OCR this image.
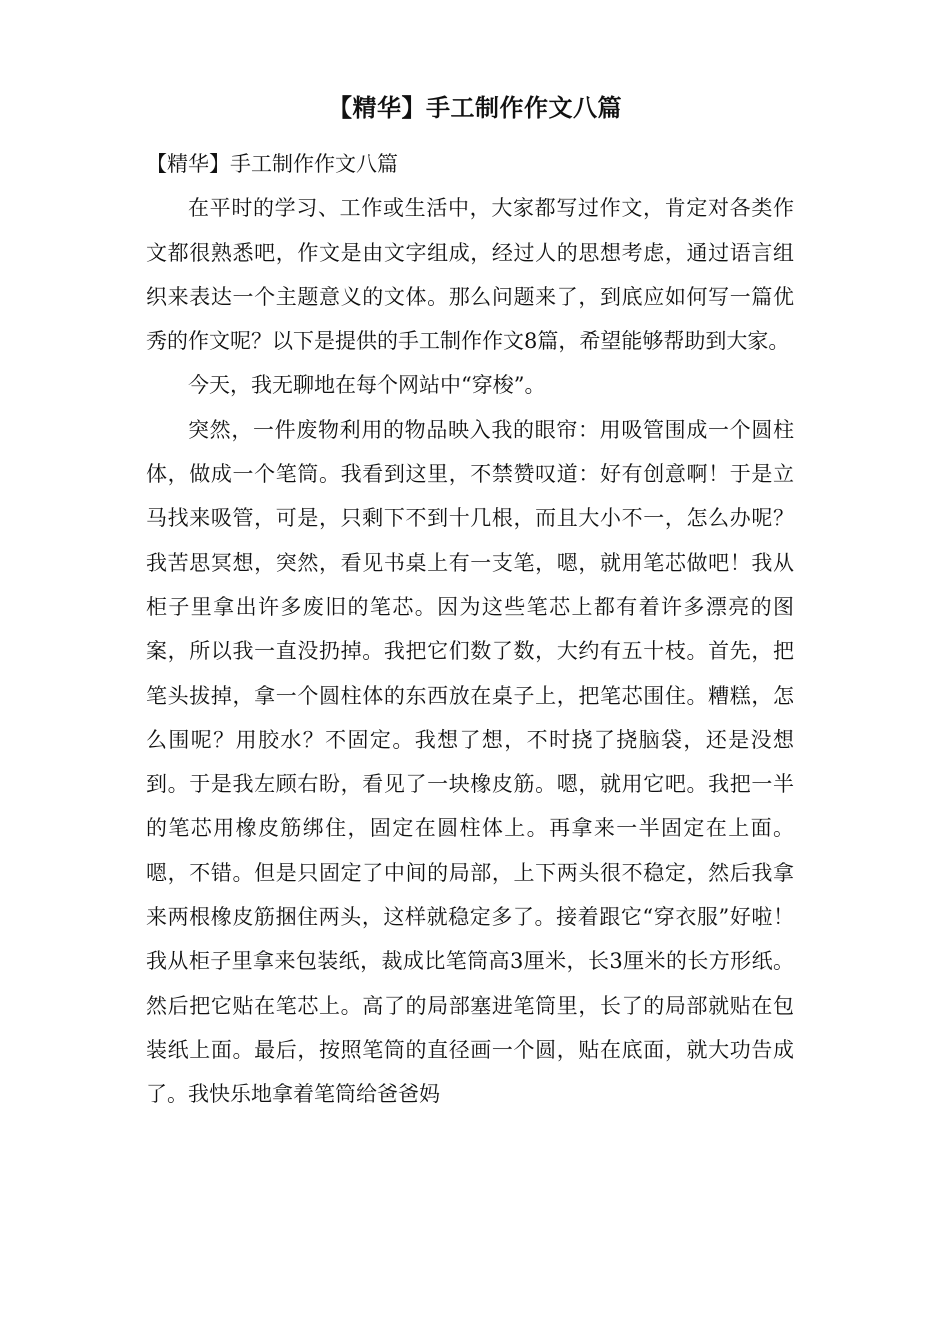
【精华】手工制作作文八篇

【精华】手工制作作文八篇

在平时的学习、工作或生活中，大家都写过作文，肯定对各类作文都很熟悉吧，作文是由文字组成，经过人的思想考虑，通过语言组织来表达一个主题意义的文体。那么问题来了，到底应如何写一篇优秀的作文呢？以下是提供的手工制作作文8篇，希望能够帮助到大家。

今天，我无聊地在每个网站中“穿梭”。

突然，一件废物利用的物品映入我的眼帘：用吸管围成一个圆柱体，做成一个笔筒。我看到这里，不禁赞叹道：好有创意啊！于是立马找来吸管，可是，只剩下不到十几根，而且大小不一，怎么办呢？我苦思冥想，突然，看见书桌上有一支笔，嗯，就用笔芯做吧！我从柜子里拿出许多废旧的笔芯。因为这些笔芯上都有着许多漂亮的图案，所以我一直没扔掉。我把它们数了数，大约有五十枝。首先，把笔头拔掉，拿一个圆柱体的东西放在桌子上，把笔芯围住。糟糕，怎么围呢？用胶水？不固定。我想了想，不时挠了挠脑袋，还是没想到。于是我左顾右盼，看见了一块橡皮筋。嗯，就用它吧。我把一半的笔芯用橡皮筋绑住，固定在圆柱体上。再拿来一半固定在上面。嗯，不错。但是只固定了中间的局部，上下两头很不稳定，然后我拿来两根橡皮筋捆住两头，这样就稳定多了。接着跟它“穿衣服”好啦！我从柜子里拿来包装纸，裁成比笔筒高3厘米，长3厘米的长方形纸。然后把它贴在笔芯上。高了的局部塞进笔筒里，长了的局部就贴在包装纸上面。最后，按照笔筒的直径画一个圆，贴在底面，就大功告成了。我快乐地拿着笔筒给爸爸妈
